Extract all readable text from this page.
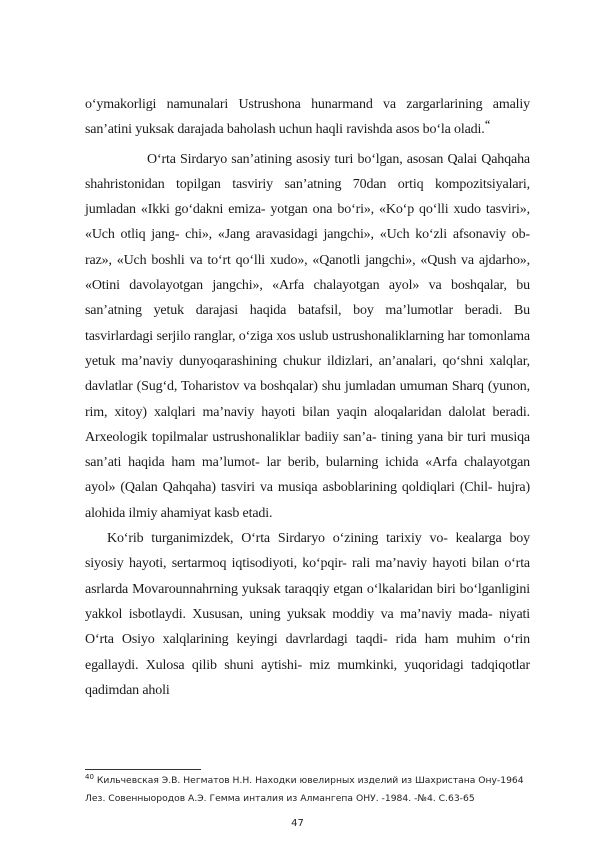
o‘ymakorligi namunalari Ustrushona hunarmand va zargarlarining amaliy san’atini yuksak darajada baholash uchun haqli ravishda asos bo‘la oladi.‘‘

O‘rta Sirdaryo san’atining asosiy turi bo‘lgan, asosan Qalai Qahqaha shahristonidan topilgan tasviriy san’atning 70dan ortiq kompozitsiyalari, jumladan «Ikki go‘dakni emiza- yotgan ona bo‘ri», «Ko‘p qo‘lli xudo tasviri», «Uch otliq jang- chi», «Jang aravasidagi jangchi», «Uch ko‘zli afsonaviy ob- raz», «Uch boshli va to‘rt qo‘lli xudo», «Qanotli jangchi», «Qush va ajdarho», «Otini davolayotgan jangchi», «Arfa chalayotgan ayol» va boshqalar, bu san’atning yetuk darajasi haqida batafsil, boy ma’lumotlar beradi. Bu tasvirlardagi serjilo ranglar, o‘ziga xos uslub ustrushonaliklarning har tomonlama yetuk ma’naviy dunyoqarashining chukur ildizlari, an’analari, qo‘shni xalqlar, davlatlar (Sug‘d, Toharistov va boshqalar) shu jumladan umuman Sharq (yunon, rim, xitoy) xalqlari ma’naviy hayoti bilan yaqin aloqalaridan dalolat beradi. Arxeologik topilmalar ustrushonaliklar badiiy san’a- tining yana bir turi musiqa san’ati haqida ham ma’lumot- lar berib, bularning ichida «Arfa chalayotgan ayol» (Qalan Qahqaha) tasviri va musiqa asboblarining qoldiqlari (Chil- hujra) alohida ilmiy ahamiyat kasb etadi.

Ko‘rib turganimizdek, O‘rta Sirdaryo o‘zining tarixiy vo- kealarga boy siyosiy hayoti, sertarmoq iqtisodiyoti, ko‘pqir- rali ma’naviy hayoti bilan o‘rta asrlarda Movarounnahrning yuksak taraqqiy etgan o‘lkalaridan biri bo‘lganligini yakkol isbotlaydi. Xususan, uning yuksak moddiy va ma’naviy mada- niyati O‘rta Osiyo xalqlarining keyingi davrlardagi taqdi- rida ham muhim o‘rin egallaydi. Xulosa qilib shuni aytishi- miz mumkinki, yuqoridagi tadqiqotlar qadimdan aholi

$^{40}$ Кильчевская Э.В. Негматов Н.Н. Находки ювелирных изделий из Шахристана Ону-1964
Лез. Совенныородов А.Э. Гемма инталия из Алмангепа ОНУ. -1984. -№4. С.63-65
47
